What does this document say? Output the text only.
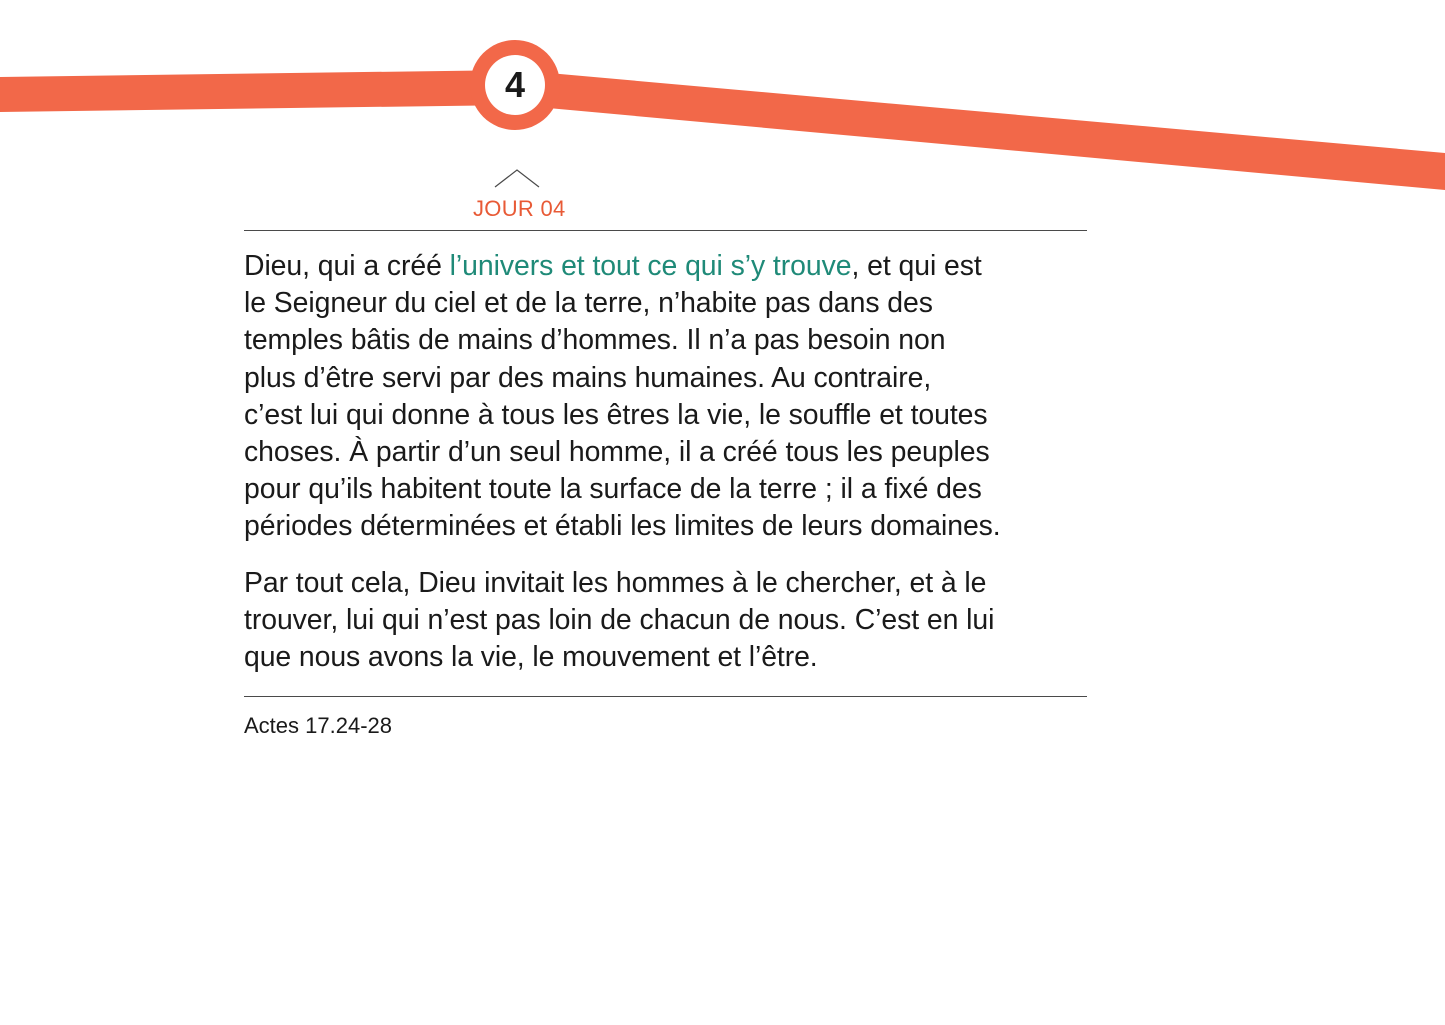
4
JOUR 04

Dieu, qui a créé l’univers et tout ce qui s’y trouve, et qui est
le Seigneur du ciel et de la terre, n’habite pas dans des
temples bâtis de mains d’hommes. Il n’a pas besoin non
plus d’être servi par des mains humaines. Au contraire,
c’est lui qui donne à tous les êtres la vie, le souffle et toutes
choses. À partir d’un seul homme, il a créé tous les peuples
pour qu’ils habitent toute la surface de la terre ; il a fixé des
périodes déterminées et établi les limites de leurs domaines.

Par tout cela, Dieu invitait les hommes à le chercher, et à le
trouver, lui qui n’est pas loin de chacun de nous. C’est en lui
que nous avons la vie, le mouvement et l’être.

Actes 17.24-28
